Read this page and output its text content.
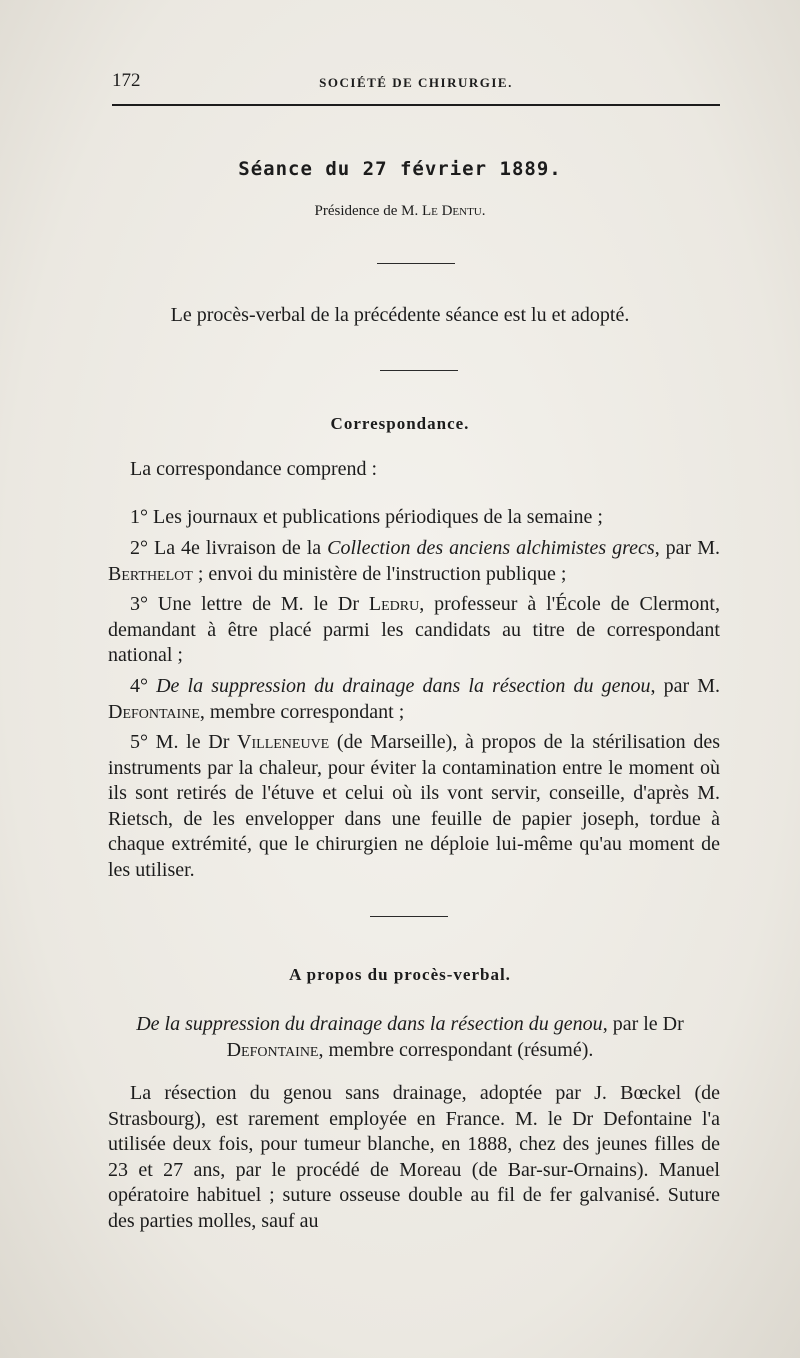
172	SOCIÉTÉ DE CHIRURGIE.
Séance du 27 février 1889.
Présidence de M. Le Dentu.
Le procès-verbal de la précédente séance est lu et adopté.
Correspondance.
La correspondance comprend :
1° Les journaux et publications périodiques de la semaine ;
2° La 4e livraison de la Collection des anciens alchimistes grecs, par M. Berthelot ; envoi du ministère de l'instruction publique ;
3° Une lettre de M. le Dr Ledru, professeur à l'École de Clermont, demandant à être placé parmi les candidats au titre de correspondant national ;
4° De la suppression du drainage dans la résection du genou, par M. Defontaine, membre correspondant ;
5° M. le Dr Villeneuve (de Marseille), à propos de la stérilisation des instruments par la chaleur, pour éviter la contamination entre le moment où ils sont retirés de l'étuve et celui où ils vont servir, conseille, d'après M. Rietsch, de les envelopper dans une feuille de papier joseph, tordue à chaque extrémité, que le chirurgien ne déploie lui-même qu'au moment de les utiliser.
A propos du procès-verbal.
De la suppression du drainage dans la résection du genou, par le Dr Defontaine, membre correspondant (résumé).
La résection du genou sans drainage, adoptée par J. Bœckel (de Strasbourg), est rarement employée en France. M. le Dr Defontaine l'a utilisée deux fois, pour tumeur blanche, en 1888, chez des jeunes filles de 23 et 27 ans, par le procédé de Moreau (de Bar-sur-Ornains). Manuel opératoire habituel ; suture osseuse double au fil de fer galvanisé. Suture des parties molles, sauf au
